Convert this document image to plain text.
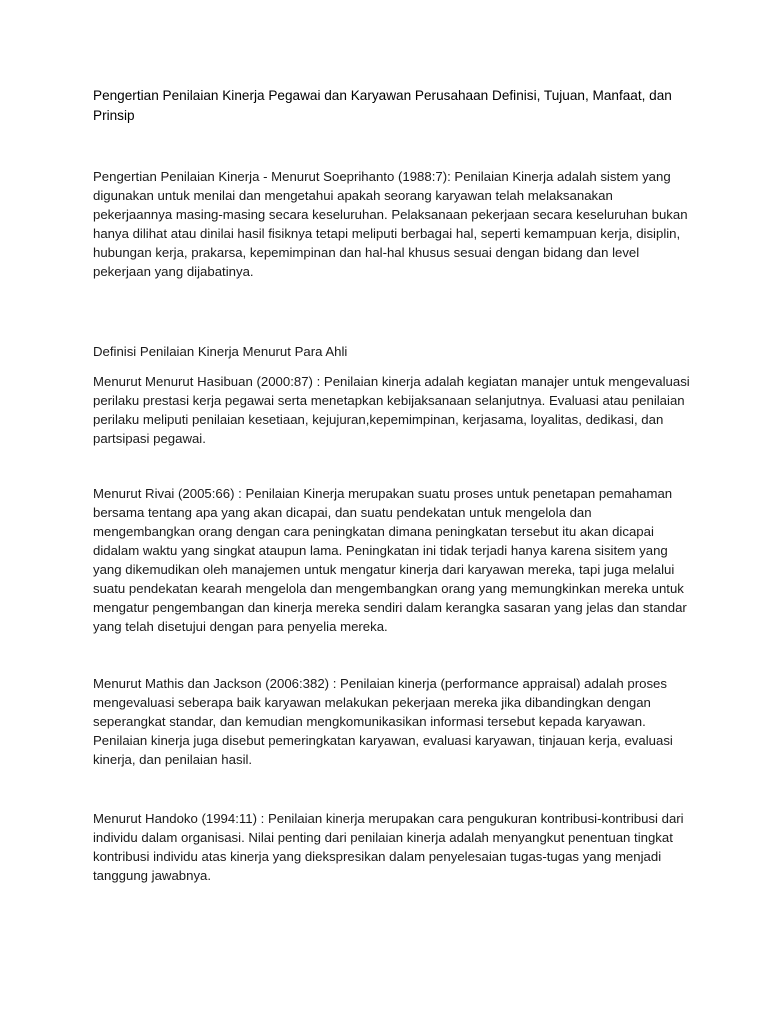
Pengertian Penilaian Kinerja Pegawai dan Karyawan Perusahaan Definisi, Tujuan, Manfaat, dan Prinsip

Pengertian Penilaian Kinerja - Menurut Soeprihanto (1988:7): Penilaian Kinerja adalah sistem yang digunakan untuk menilai dan mengetahui apakah seorang karyawan telah melaksanakan pekerjaannya masing-masing secara keseluruhan. Pelaksanaan pekerjaan secara keseluruhan bukan hanya dilihat atau dinilai hasil fisiknya tetapi meliputi berbagai hal, seperti kemampuan kerja, disiplin, hubungan kerja, prakarsa, kepemimpinan dan hal-hal khusus sesuai dengan bidang dan level pekerjaan yang dijabatinya.

Definisi Penilaian Kinerja Menurut Para Ahli

Menurut Menurut Hasibuan (2000:87) : Penilaian kinerja adalah kegiatan manajer untuk mengevaluasi perilaku prestasi kerja pegawai serta menetapkan kebijaksanaan selanjutnya. Evaluasi atau penilaian perilaku meliputi penilaian kesetiaan, kejujuran,kepemimpinan, kerjasama, loyalitas, dedikasi, dan partsipasi pegawai.

Menurut Rivai (2005:66) : Penilaian Kinerja merupakan suatu proses untuk penetapan pemahaman bersama tentang apa yang akan dicapai, dan suatu pendekatan untuk mengelola dan mengembangkan orang dengan cara peningkatan dimana peningkatan tersebut itu akan dicapai didalam waktu yang singkat ataupun lama. Peningkatan ini tidak terjadi hanya karena sisitem yang yang dikemudikan oleh manajemen untuk mengatur kinerja dari karyawan mereka, tapi juga melalui suatu pendekatan kearah mengelola dan mengembangkan orang yang memungkinkan mereka untuk mengatur pengembangan dan kinerja mereka sendiri dalam kerangka sasaran yang jelas dan standar yang telah disetujui dengan para penyelia mereka.

Menurut Mathis dan Jackson (2006:382) : Penilaian kinerja (performance appraisal) adalah proses mengevaluasi seberapa baik karyawan melakukan pekerjaan mereka jika dibandingkan dengan seperangkat standar, dan kemudian mengkomunikasikan informasi tersebut kepada karyawan. Penilaian kinerja juga disebut pemeringkatan karyawan, evaluasi karyawan, tinjauan kerja, evaluasi kinerja, dan penilaian hasil.

Menurut Handoko (1994:11) : Penilaian kinerja merupakan cara pengukuran kontribusi-kontribusi dari individu dalam organisasi. Nilai penting dari penilaian kinerja adalah menyangkut penentuan tingkat kontribusi individu atas kinerja yang diekspresikan dalam penyelesaian tugas-tugas yang menjadi tanggung jawabnya.
